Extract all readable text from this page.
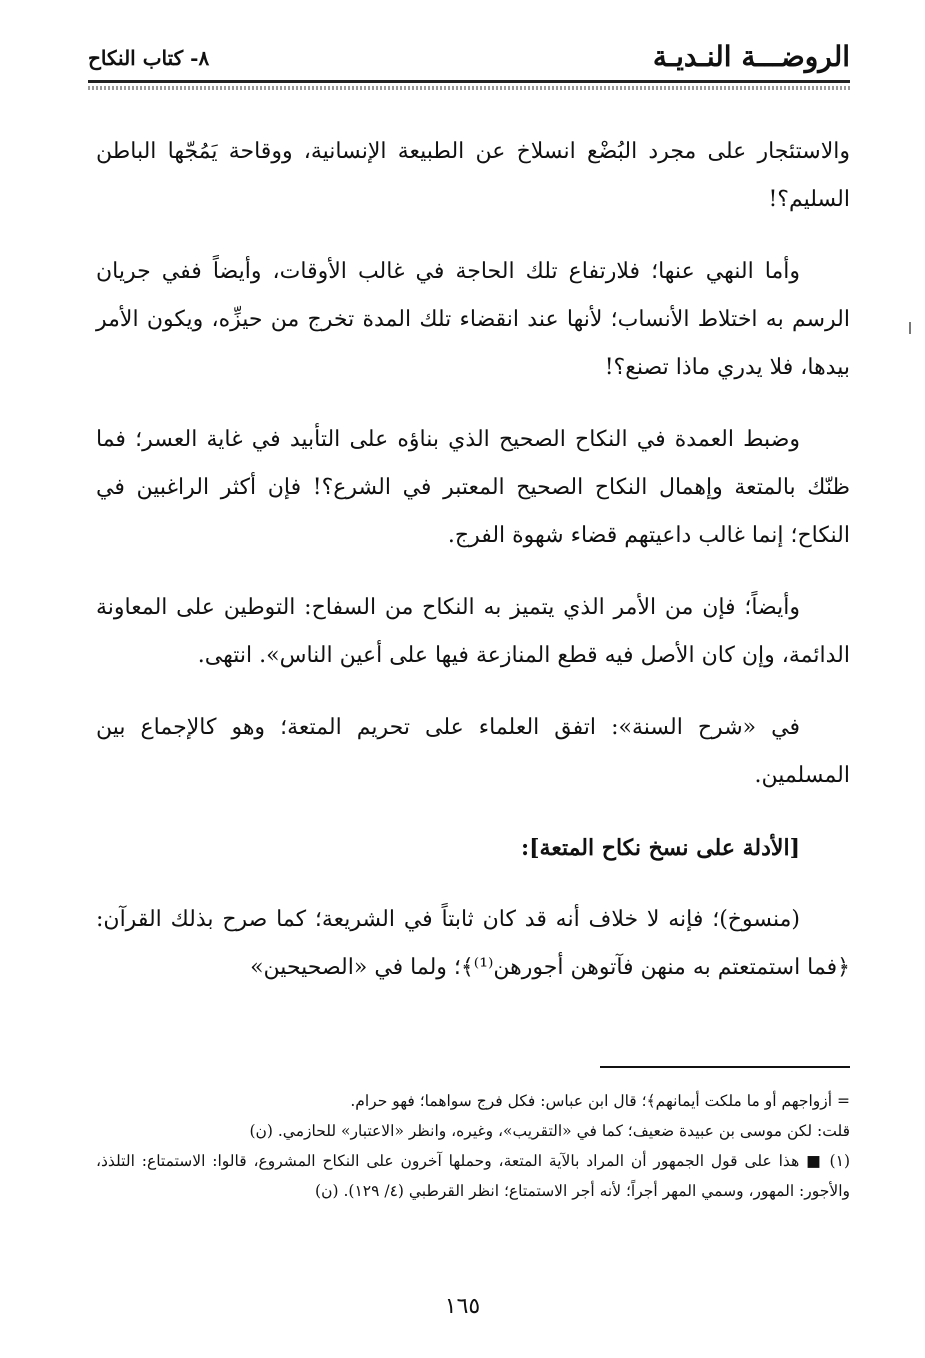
الروضـــة النـديـة
٨- كتاب النكاح

والاستئجار على مجرد البُضْع انسلاخ عن الطبيعة الإنسانية، ووقاحة يَمُجّها الباطن السليم؟!

وأما النهي عنها؛ فلارتفاع تلك الحاجة في غالب الأوقات، وأيضاً ففي جريان الرسم به اختلاط الأنساب؛ لأنها عند انقضاء تلك المدة تخرج من حيزِّه، ويكون الأمر بيدها، فلا يدري ماذا تصنع؟!

وضبط العمدة في النكاح الصحيح الذي بناؤه على التأبيد في غاية العسر؛ فما ظنّك بالمتعة وإهمال النكاح الصحيح المعتبر في الشرع؟! فإن أكثر الراغبين في النكاح؛ إنما غالب داعيتهم قضاء شهوة الفرج.

وأيضاً؛ فإن من الأمر الذي يتميز به النكاح من السفاح: التوطين على المعاونة الدائمة، وإن كان الأصل فيه قطع المنازعة فيها على أعين الناس». انتهى.

في «شرح السنة»: اتفق العلماء على تحريم المتعة؛ وهو كالإجماع بين المسلمين.

[الأدلة على نسخ نكاح المتعة]:

(منسوخ)؛ فإنه لا خلاف أنه قد كان ثابتاً في الشريعة؛ كما صرح بذلك القرآن: ﴿فما استمتعتم به منهن فآتوهن أجورهن⁽¹⁾﴾؛ ولما في «الصحيحين»

= أزواجهم أو ما ملكت أيمانهم﴾؛ قال ابن عباس: فكل فرج سواهما؛ فهو حرام.

قلت: لكن موسى بن عبيدة ضعيف؛ كما في «التقريب»، وغيره، وانظر «الاعتبار» للحازمي. (ن)

(١) ■ هذا على قول الجمهور أن المراد بالآية المتعة، وحملها آخرون على النكاح المشروع، قالوا: الاستمتاع: التلذذ، والأجور: المهور، وسمي المهر أجراً؛ لأنه أجر الاستمتاع؛ انظر القرطبي (٤/ ١٢٩). (ن)

١٦٥
